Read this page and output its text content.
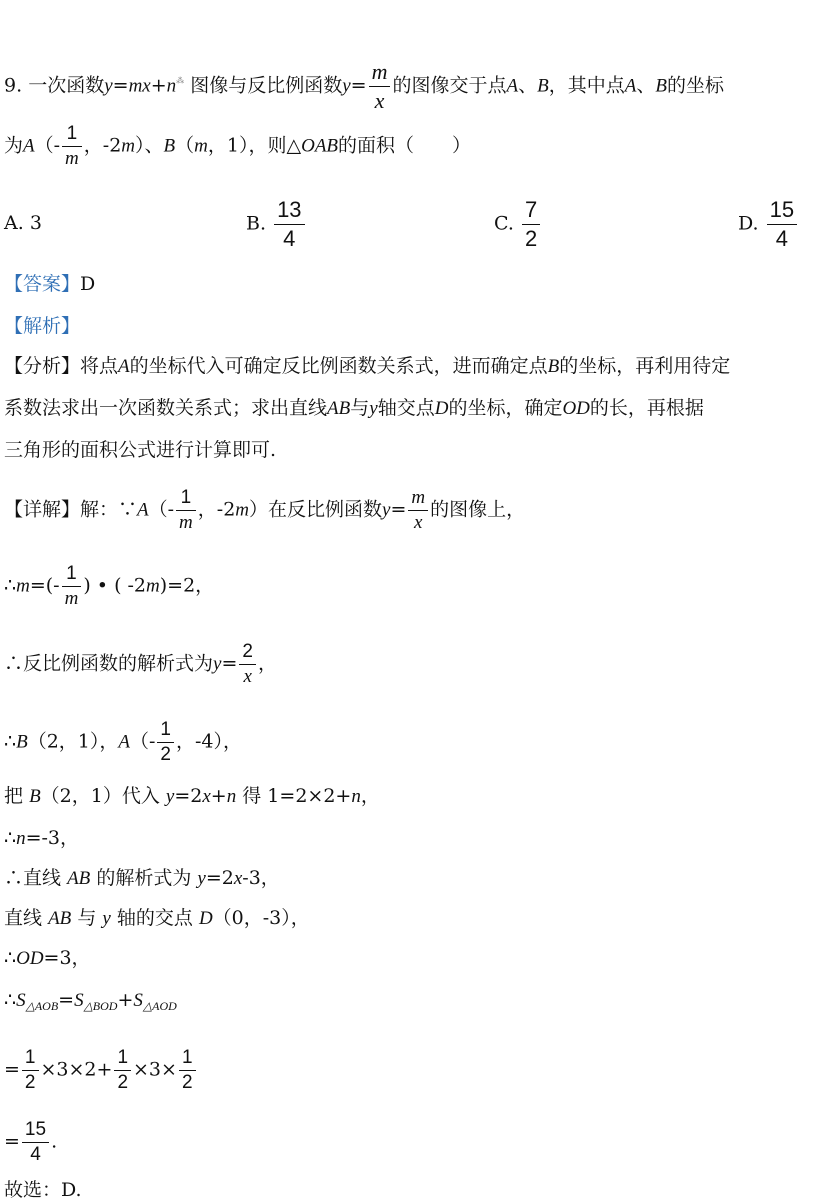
9. 一次函数y=mx+n⁂ 图像与反比例函数$y= \frac{m}{x}$ 的图像交于点A、B，其中点A、B的坐标
为$A(- \frac{1}{m}$ ，-2m）、B（m，1），则△OAB的面积（　　）
A. 3	B. $\frac{13}{4}$	C. $\frac{7}{2}$	D. $\frac{15}{4}$
【答案】D
【解析】
【分析】将点A的坐标代入可确定反比例函数关系式，进而确定点B的坐标，再利用待定
系数法求出一次函数关系式；求出直线AB与y轴交点D的坐标，确定OD的长，再根据
三角形的面积公式进行计算即可.
【详解】解：∵A（- $\frac{1}{m}$ ，-2m）在反比例函数$y= \frac{m}{x}$ 的图像上，
∴m=(- $\frac{1}{m}$ ) • ( -2m)=2，
∴反比例函数的解析式为$y= \frac{2}{x}$ ，
∴B（2，1），$A(- \frac{1}{2}$ ，-4），
把 B（2，1）代入 y=2x+n 得 1=2×2+n，
∴n=-3，
∴直线 AB 的解析式为 y=2x-3，
直线 AB 与 y 轴的交点 D（0，-3），
∴OD=3，
$\therefore S_{\triangle AOB}=S_{\triangle BOD}+S_{\triangle AOD}$
= $\frac{1}{2} \times 3\times 2+ \frac{1}{2} \times 3\times \frac{1}{2}$
= $\frac{15}{4}$ .
故选：D.
